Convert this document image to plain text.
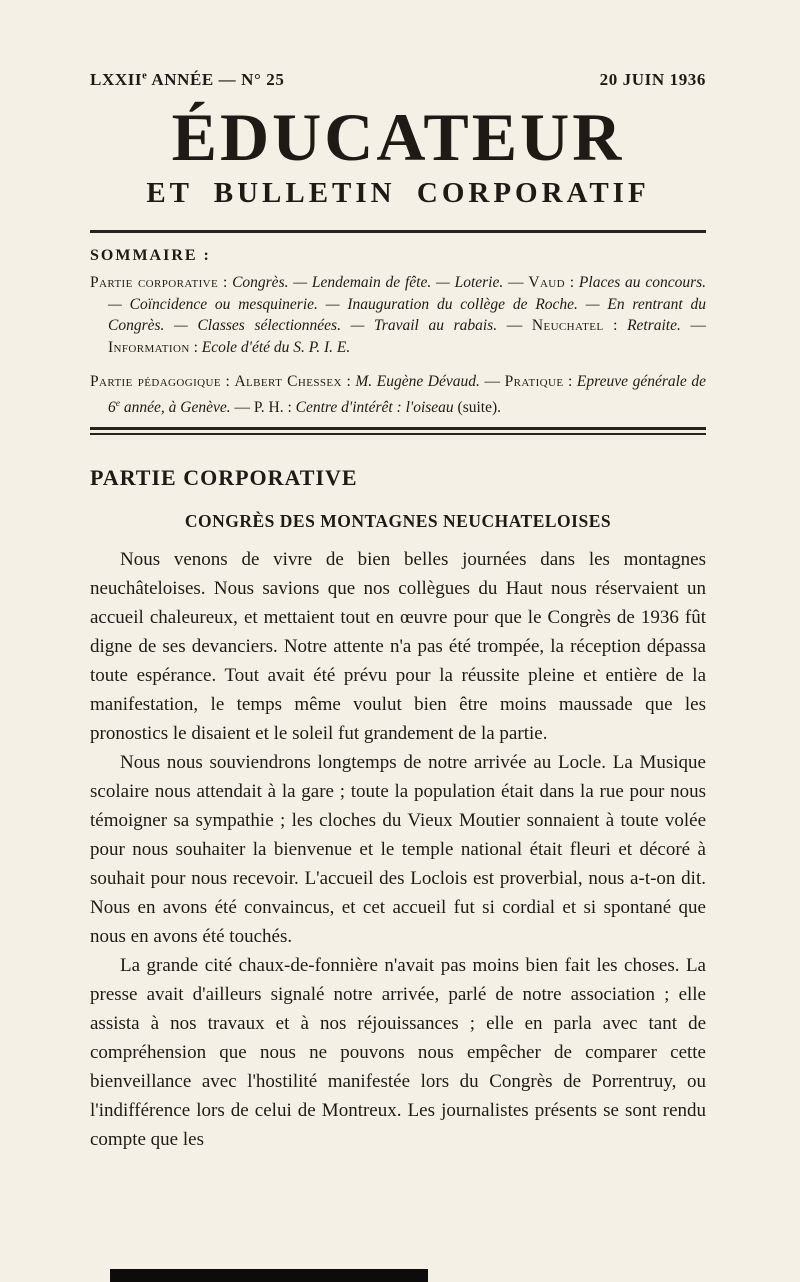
LXXIIe ANNÉE — N° 25	20 JUIN 1936
ÉDUCATEUR
ET BULLETIN CORPORATIF
SOMMAIRE :

Partie corporative : Congrès. — Lendemain de fête. — Loterie. — Vaud : Places au concours. — Coïncidence ou mesquinerie. — Inauguration du collège de Roche. — En rentrant du Congrès. — Classes sélectionnées. — Travail au rabais. — Neuchatel : Retraite. — Information : Ecole d'été du S. P. I. E.

Partie pédagogique : Albert Chessex : M. Eugène Dévaud. — Pratique : Epreuve générale de 6e année, à Genève. — P. H. : Centre d'intérêt : l'oiseau (suite).

PARTIE CORPORATIVE
CONGRÈS DES MONTAGNES NEUCHATELOISES

Nous venons de vivre de bien belles journées dans les montagnes neuchâteloises. Nous savions que nos collègues du Haut nous réservaient un accueil chaleureux, et mettaient tout en œuvre pour que le Congrès de 1936 fût digne de ses devanciers. Notre attente n'a pas été trompée, la réception dépassa toute espérance. Tout avait été prévu pour la réussite pleine et entière de la manifestation, le temps même voulut bien être moins maussade que les pronostics le disaient et le soleil fut grandement de la partie.

Nous nous souviendrons longtemps de notre arrivée au Locle. La Musique scolaire nous attendait à la gare ; toute la population était dans la rue pour nous témoigner sa sympathie ; les cloches du Vieux Moutier sonnaient à toute volée pour nous souhaiter la bienvenue et le temple national était fleuri et décoré à souhait pour nous recevoir. L'accueil des Loclois est proverbial, nous a-t-on dit. Nous en avons été convaincus, et cet accueil fut si cordial et si spontané que nous en avons été touchés.

La grande cité chaux-de-fonnière n'avait pas moins bien fait les choses. La presse avait d'ailleurs signalé notre arrivée, parlé de notre association ; elle assista à nos travaux et à nos réjouissances ; elle en parla avec tant de compréhension que nous ne pouvons nous empêcher de comparer cette bienveillance avec l'hostilité manifestée lors du Congrès de Porrentruy, ou l'indifférence lors de celui de Montreux. Les journalistes présents se sont rendu compte que les
